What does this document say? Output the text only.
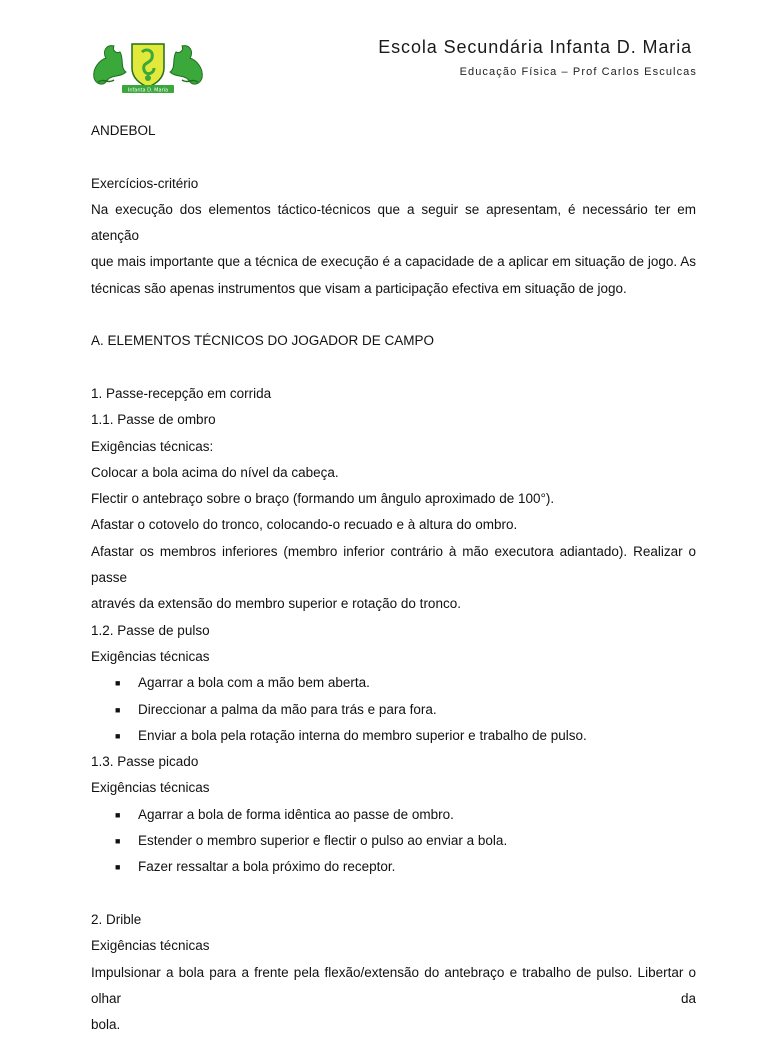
Infanta D. Maria
Escola Secundária Infanta D. Maria
Educação Física – Prof Carlos Esculcas

ANDEBOL

Exercícios-critério

Na execução dos elementos táctico-técnicos que a seguir se apresentam, é necessário ter em atenção

que mais importante que a técnica de execução é a capacidade de a aplicar em situação de jogo. As

técnicas são apenas instrumentos que visam a participação efectiva em situação de jogo.

A. ELEMENTOS TÉCNICOS DO JOGADOR DE CAMPO

1. Passe-recepção em corrida

1.1. Passe de ombro

Exigências técnicas:

Colocar a bola acima do nível da cabeça.

Flectir o antebraço sobre o braço (formando um ângulo aproximado de 100°).

Afastar o cotovelo do tronco, colocando-o recuado e à altura do ombro.

Afastar os membros inferiores (membro inferior contrário à mão executora adiantado). Realizar o passe

através da extensão do membro superior e rotação do tronco.

1.2. Passe de pulso

Exigências técnicas

■ Agarrar a bola com a mão bem aberta.
■ Direccionar a palma da mão para trás e para fora.
■ Enviar a bola pela rotação interna do membro superior e trabalho de pulso.

1.3. Passe picado

Exigências técnicas

■ Agarrar a bola de forma idêntica ao passe de ombro.
■ Estender o membro superior e flectir o pulso ao enviar a bola.
■ Fazer ressaltar a bola próximo do receptor.

2. Drible

Exigências técnicas

Impulsionar a bola para a frente pela flexão/extensão do antebraço e trabalho de pulso. Libertar o olhar da

bola.
